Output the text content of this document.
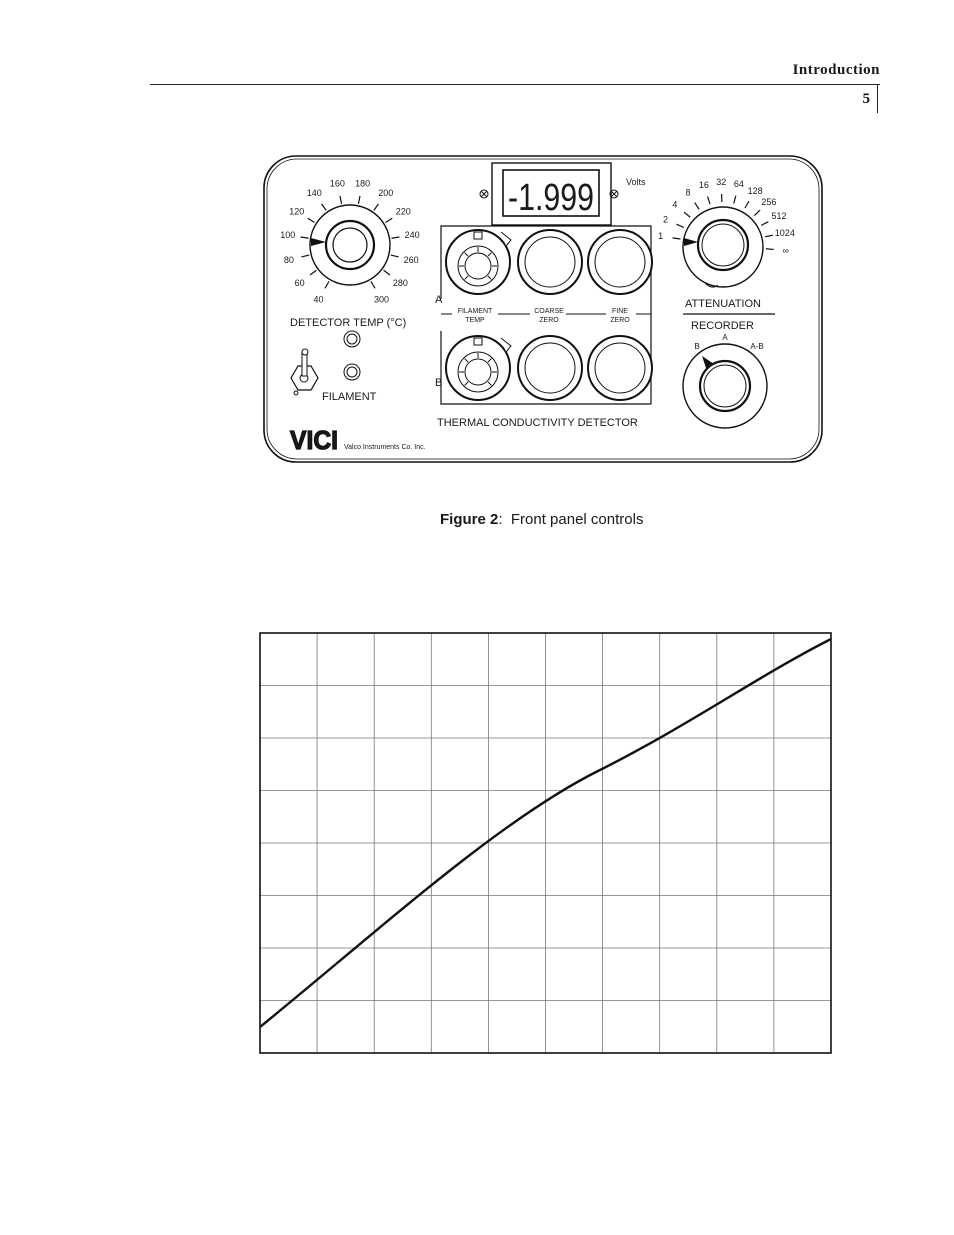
Introduction
5
-1.999	Volts
DETECTOR TEMP (°C)
FILAMENT
VICI Valco Instruments Co. Inc.
A
B
FILAMENT
TEMP
COARSE
ZERO
FINE
ZERO
THERMAL CONDUCTIVITY DETECTOR
ATTENUATION
RECORDER
B
A
A-B
40
60
80
100
120
140
160 180
200
220
240
260
280
300
1
2
4
8
16 32 64
128
256
512
1024
∞
Figure 2:  Front panel controls
